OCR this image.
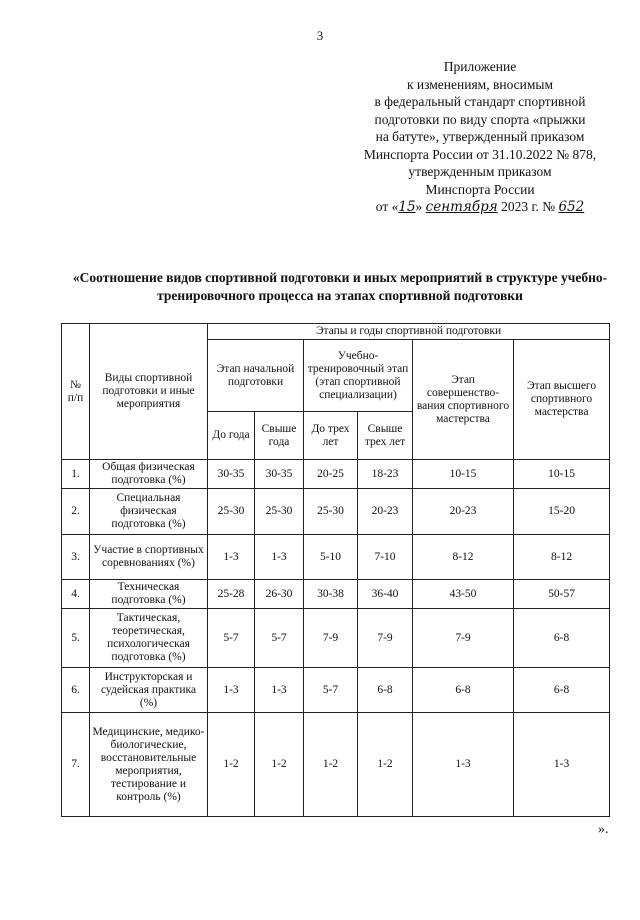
3
Приложение
к изменениям, вносимым
в федеральный стандарт спортивной
подготовки по виду спорта «прыжки
на батуте», утвержденный приказом
Минспорта России от 31.10.2022 № 878,
утвержденным приказом
Минспорта России
от «15» сентября 2023 г. № 652
«Соотношение видов спортивной подготовки и иных мероприятий в структуре учебно-тренировочного процесса на этапах спортивной подготовки
№ п/п	Виды спортивной подготовки и иные мероприятия	Этапы и годы спортивной подготовки					
		Этап начальной подготовки		Учебно-тренировочный этап (этап спортивной специализации)		Этап совершенство-вания спортивного мастерства	Этап высшего спортивного мастерства
		До года	Свыше года	До трех лет	Свыше трех лет		
1.	Общая физическая подготовка (%)	30-35	30-35	20-25	18-23	10-15	10-15
2.	Специальная физическая подготовка (%)	25-30	25-30	25-30	20-23	20-23	15-20
3.	Участие в спортивных соревнованиях (%)	1-3	1-3	5-10	7-10	8-12	8-12
4.	Техническая подготовка (%)	25-28	26-30	30-38	36-40	43-50	50-57
5.	Тактическая, теоретическая, психологическая подготовка (%)	5-7	5-7	7-9	7-9	7-9	6-8
6.	Инструкторская и судейская практика (%)	1-3	1-3	5-7	6-8	6-8	6-8
7.	Медицинские, медико-биологические, восстановительные мероприятия, тестирование и контроль (%)	1-2	1-2	1-2	1-2	1-3	1-3
».
